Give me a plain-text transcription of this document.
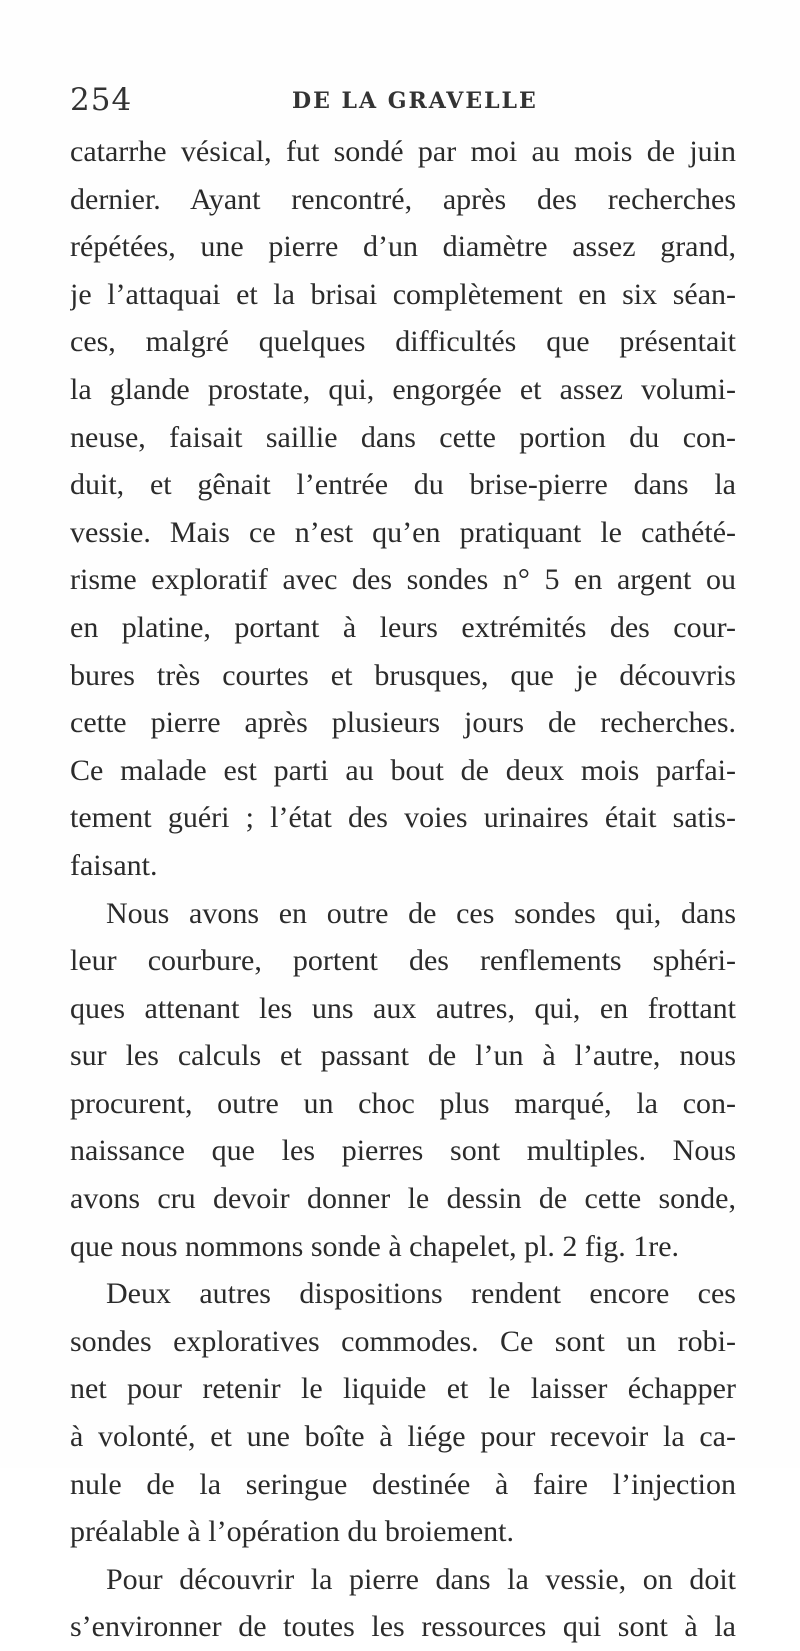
254	DE LA GRAVELLE
catarrhe vésical, fut sondé par moi au mois de juin
dernier. Ayant rencontré, après des recherches
répétées, une pierre d’un diamètre assez grand,
je l’attaquai et la brisai complètement en six séan-
ces, malgré quelques difficultés que présentait
la glande prostate, qui, engorgée et assez volumi-
neuse, faisait saillie dans cette portion du con-
duit, et gênait l’entrée du brise-pierre dans la
vessie. Mais ce n’est qu’en pratiquant le cathété-
risme exploratif avec des sondes n° 5 en argent ou
en platine, portant à leurs extrémités des cour-
bures très courtes et brusques, que je découvris
cette pierre après plusieurs jours de recherches.
Ce malade est parti au bout de deux mois parfai-
tement guéri ; l’état des voies urinaires était satis-
faisant.
Nous avons en outre de ces sondes qui, dans
leur courbure, portent des renflements sphéri-
ques attenant les uns aux autres, qui, en frottant
sur les calculs et passant de l’un à l’autre, nous
procurent, outre un choc plus marqué, la con-
naissance que les pierres sont multiples. Nous
avons cru devoir donner le dessin de cette sonde,
que nous nommons sonde à chapelet, pl. 2 fig. 1re.
Deux autres dispositions rendent encore ces
sondes exploratives commodes. Ce sont un robi-
net pour retenir le liquide et le laisser échapper
à volonté, et une boîte à liége pour recevoir la ca-
nule de la seringue destinée à faire l’injection
préalable à l’opération du broiement.
Pour découvrir la pierre dans la vessie, on doit
s’environner de toutes les ressources qui sont à la
